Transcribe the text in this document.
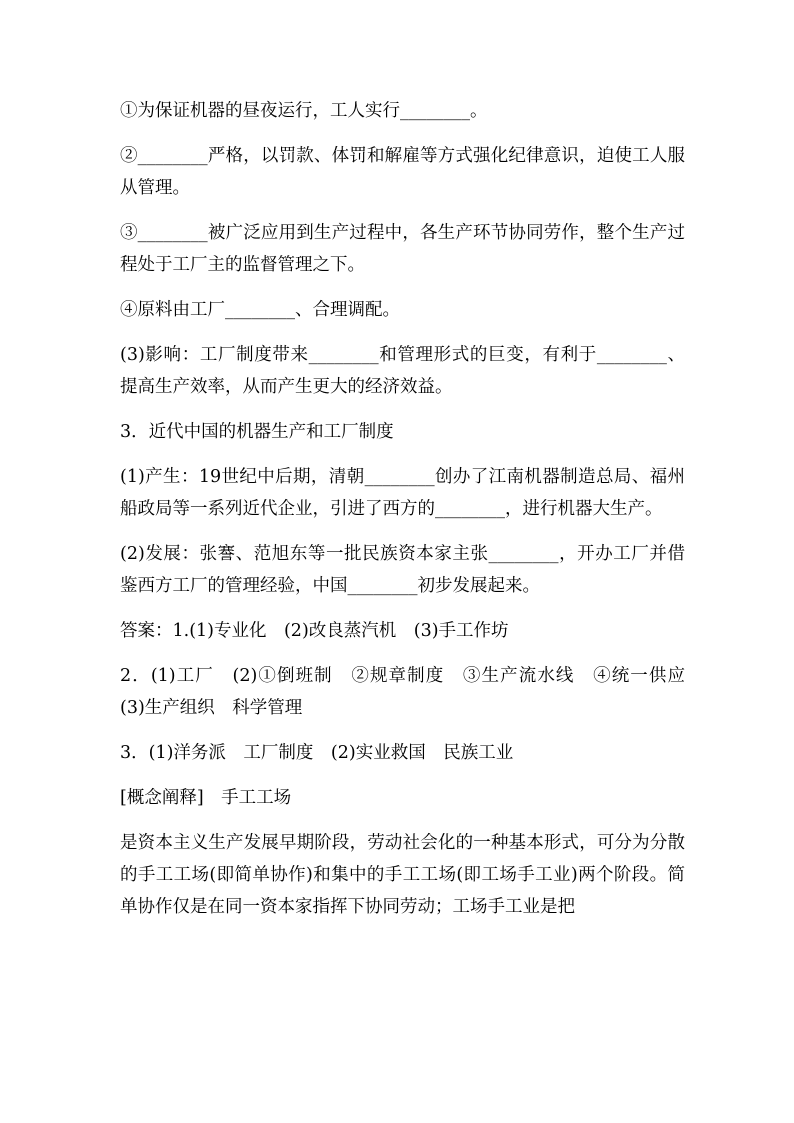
①为保证机器的昼夜运行，工人实行________。

②________严格，以罚款、体罚和解雇等方式强化纪律意识，迫使工人服从管理。

③________被广泛应用到生产过程中，各生产环节协同劳作，整个生产过程处于工厂主的监督管理之下。

④原料由工厂________、合理调配。

(3)影响：工厂制度带来________和管理形式的巨变，有利于________、提高生产效率，从而产生更大的经济效益。

3．近代中国的机器生产和工厂制度

(1)产生：19世纪中后期，清朝________创办了江南机器制造总局、福州船政局等一系列近代企业，引进了西方的________，进行机器大生产。

(2)发展：张謇、范旭东等一批民族资本家主张________，开办工厂并借鉴西方工厂的管理经验，中国________初步发展起来。

答案：1.(1)专业化　(2)改良蒸汽机　(3)手工作坊

2．(1)工厂　(2)①倒班制　②规章制度　③生产流水线　④统一供应　(3)生产组织　科学管理

3．(1)洋务派　工厂制度　(2)实业救国　民族工业

[概念阐释]　手工工场

是资本主义生产发展早期阶段，劳动社会化的一种基本形式，可分为分散的手工工场(即简单协作)和集中的手工工场(即工场手工业)两个阶段。简单协作仅是在同一资本家指挥下协同劳动；工场手工业是把
